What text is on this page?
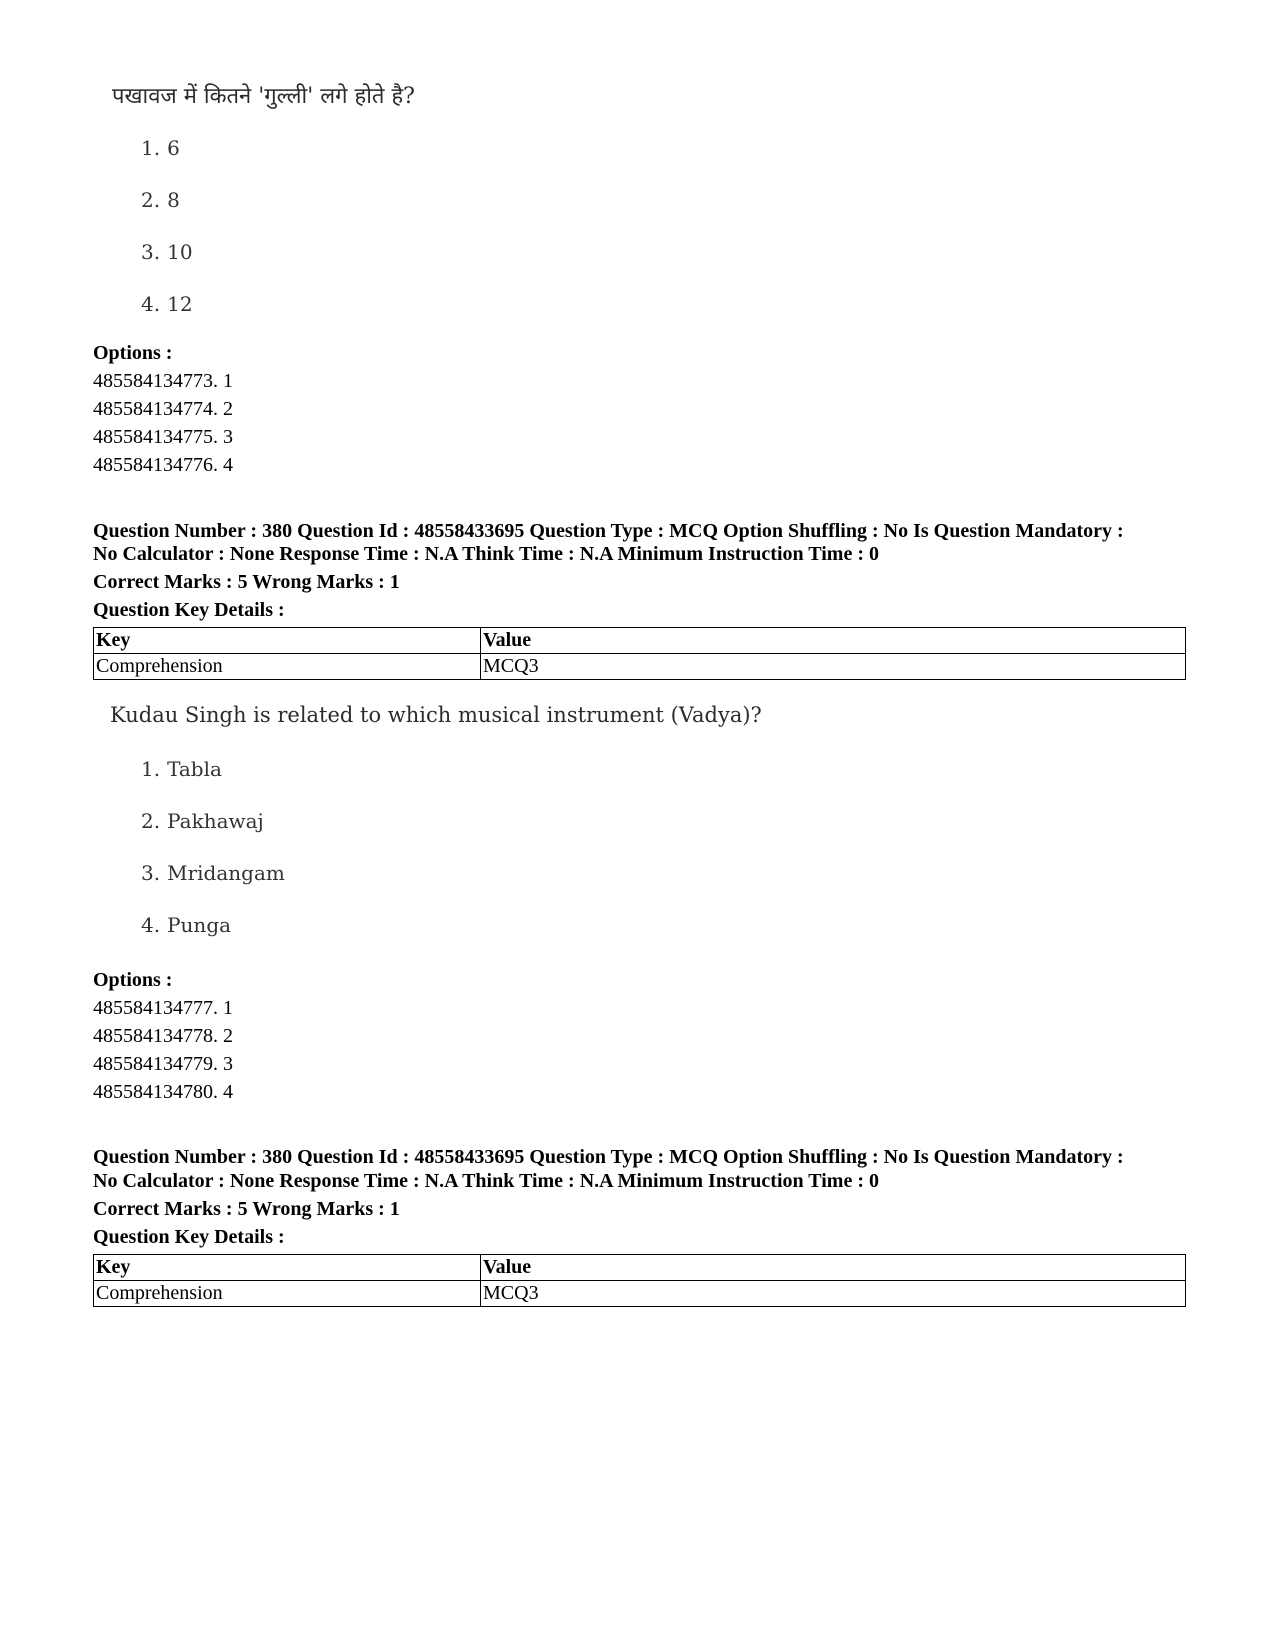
पखावज में कितने 'गुल्ली' लगे होते है?
1. 6
2. 8
3. 10
4. 12
Options :
485584134773. 1
485584134774. 2
485584134775. 3
485584134776. 4
Question Number : 380 Question Id : 48558433695 Question Type : MCQ Option Shuffling : No Is Question Mandatory :
No Calculator : None Response Time : N.A Think Time : N.A Minimum Instruction Time : 0
Correct Marks : 5 Wrong Marks : 1
Question Key Details :
Key	Value
Comprehension	MCQ3
Kudau Singh is related to which musical instrument (Vadya)?
1. Tabla
2. Pakhawaj
3. Mridangam
4. Punga
Options :
485584134777. 1
485584134778. 2
485584134779. 3
485584134780. 4
Question Number : 380 Question Id : 48558433695 Question Type : MCQ Option Shuffling : No Is Question Mandatory :
No Calculator : None Response Time : N.A Think Time : N.A Minimum Instruction Time : 0
Correct Marks : 5 Wrong Marks : 1
Question Key Details :
Key	Value
Comprehension	MCQ3
